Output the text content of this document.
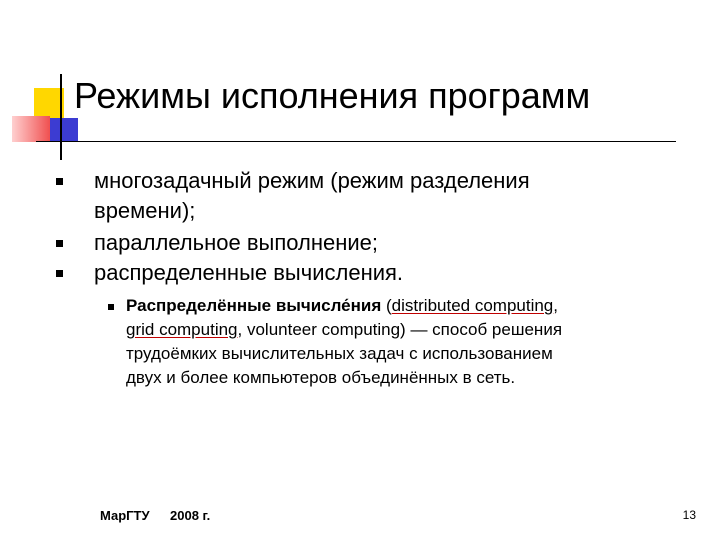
Режимы исполнения программ
многозадачный режим (режим разделения
времени);
параллельное выполнение;
распределенные вычисления.
Распределённые вычисле́ния (distributed computing,
grid computing, volunteer computing) — способ решения
трудоёмких вычислительных задач с использованием
двух и более компьютеров объединённых в сеть.
МарГТУ 2008 г.	13
